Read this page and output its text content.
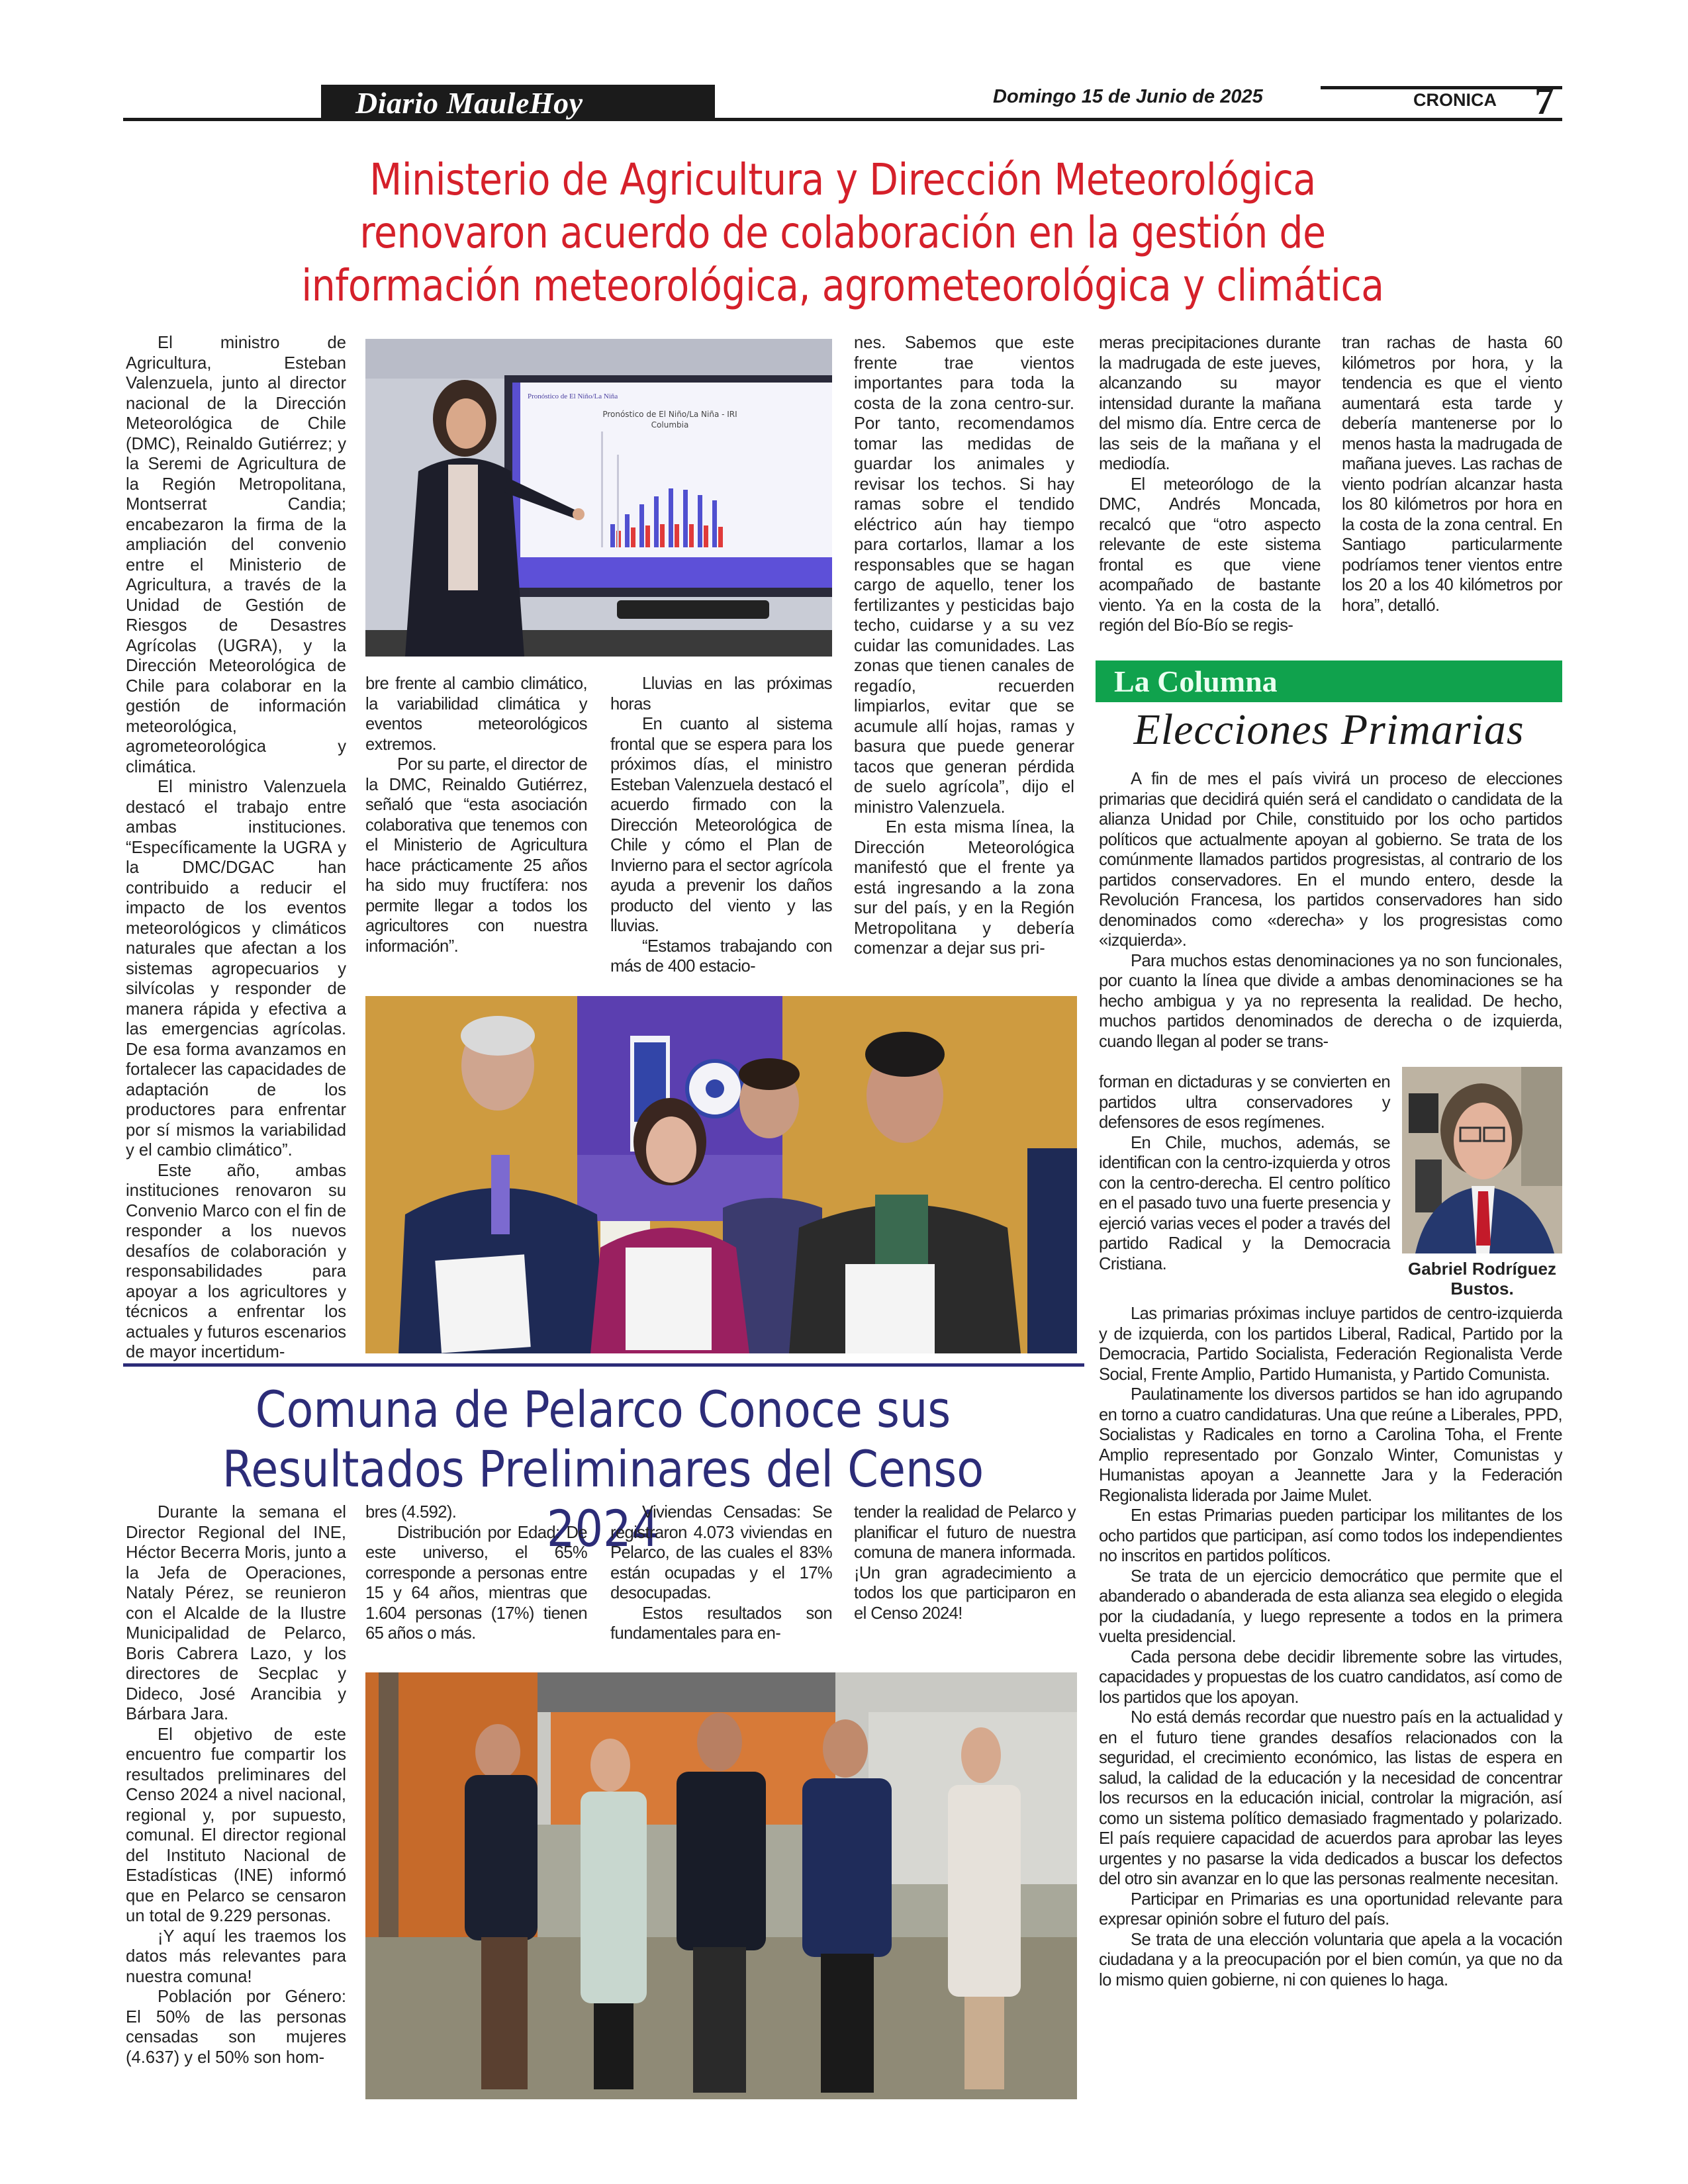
Diario MauleHoy	Domingo 15 de Junio de 2025	CRONICA 7
Ministerio de Agricultura y Dirección Meteorológica
renovaron acuerdo de colaboración en la gestión de
información meteorológica, agrometeorológica y climática

El ministro de Agricultura, Esteban Valenzuela, junto al director nacional de la Dirección Meteorológica de Chile (DMC), Reinaldo Gutiérrez; y la Seremi de Agricultura de la Región Metropolitana, Montserrat Candia; encabezaron la firma de la ampliación del convenio entre el Ministerio de Agricultura, a través de la Unidad de Gestión de Riesgos de Desastres Agrícolas (UGRA), y la Dirección Meteorológica de Chile para colaborar en la gestión de información meteorológica, agrometeorológica y climática.

El ministro Valenzuela destacó el trabajo entre ambas instituciones. “Específicamente la UGRA y la DMC/DGAC han contribuido a reducir el impacto de los eventos meteorológicos y climáticos naturales que afectan a los sistemas agropecuarios y silvícolas y responder de manera rápida y efectiva a las emergencias agrícolas. De esa forma avanzamos en fortalecer las capacidades de adaptación de los productores para enfrentar por sí mismos la variabilidad y el cambio climático”.

Este año, ambas instituciones renovaron su Convenio Marco con el fin de responder a los nuevos desafíos de colaboración y responsabilidades para apoyar a los agricultores y técnicos a enfrentar los actuales y futuros escenarios de mayor incertidum-

Pronóstico de El Niño/La Niña
Pronóstico de El Niño/La Niña - IRI
Columbia

bre frente al cambio climático, la variabilidad climática y eventos meteorológicos extremos.

Por su parte, el director de la DMC, Reinaldo Gutiérrez, señaló que “esta asociación colaborativa que tenemos con el Ministerio de Agricultura hace prácticamente 25 años ha sido muy fructífera: nos permite llegar a todos los agricultores con nuestra información”.

Lluvias en las próximas horas

En cuanto al sistema frontal que se espera para los próximos días, el ministro Esteban Valenzuela destacó el acuerdo firmado con la Dirección Meteorológica de Chile y cómo el Plan de Invierno para el sector agrícola ayuda a prevenir los daños producto del viento y las lluvias.

“Estamos trabajando con más de 400 estacio-

nes. Sabemos que este frente trae vientos importantes para toda la costa de la zona centro-sur. Por tanto, recomendamos tomar las medidas de guardar los animales y revisar los techos. Si hay ramas sobre el tendido eléctrico aún hay tiempo para cortarlos, llamar a los responsables que se hagan cargo de aquello, tener los fertilizantes y pesticidas bajo techo, cuidarse y a su vez cuidar las comunidades. Las zonas que tienen canales de regadío, recuerden limpiarlos, evitar que se acumule allí hojas, ramas y basura que puede generar tacos que generan pérdida de suelo agrícola”, dijo el ministro Valenzuela.

En esta misma línea, la Dirección Meteorológica manifestó que el frente ya está ingresando a la zona sur del país, y en la Región Metropolitana y debería comenzar a dejar sus pri-

meras precipitaciones durante la madrugada de este jueves, alcanzando su mayor intensidad durante la mañana del mismo día. Entre cerca de las seis de la mañana y el mediodía.

El meteorólogo de la DMC, Andrés Moncada, recalcó que “otro aspecto relevante de este sistema frontal es que viene acompañado de bastante viento. Ya en la costa de la región del Bío-Bío se regis-

tran rachas de hasta 60 kilómetros por hora, y la tendencia es que el viento aumentará esta tarde y debería mantenerse por lo menos hasta la madrugada de mañana jueves. Las rachas de viento podrían alcanzar hasta los 80 kilómetros por hora en la costa de la zona central. En Santiago particularmente podríamos tener vientos entre los 20 a los 40 kilómetros por hora”, detalló.

La Columna
Elecciones Primarias

A fin de mes el país vivirá un proceso de elecciones primarias que decidirá quién será el candidato o candidata de la alianza Unidad por Chile, constituido por los ocho partidos políticos que actualmente apoyan al gobierno. Se trata de los comúnmente llamados partidos progresistas, al contrario de los partidos conservadores. En el mundo entero, desde la Revolución Francesa, los partidos conservadores han sido denominados como «derecha» y los progresistas como «izquierda».

Para muchos estas denominaciones ya no son funcionales, por cuanto la línea que divide a ambas denominaciones se ha hecho ambigua y ya no representa la realidad. De hecho, muchos partidos denominados de derecha o de izquierda, cuando llegan al poder se trans-

forman en dictaduras y se convierten en partidos ultra conservadores y defensores de esos regímenes.

En Chile, muchos, además, se identifican con la centro-izquierda y otros con la centro-derecha. El centro político en el pasado tuvo una fuerte presencia y ejerció varias veces el poder a través del partido Radical y la Democracia Cristiana.	Gabriel Rodríguez
Bustos.

Las primarias próximas incluye partidos de centro-izquierda y de izquierda, con los partidos Liberal, Radical, Partido por la Democracia, Partido Socialista, Federación Regionalista Verde Social, Frente Amplio, Partido Humanista, y Partido Comunista.

Paulatinamente los diversos partidos se han ido agrupando en torno a cuatro candidaturas. Una que reúne a Liberales, PPD, Socialistas y Radicales en torno a Carolina Toha, el Frente Amplio representado por Gonzalo Winter, Comunistas y Humanistas apoyan a Jeannette Jara y la Federación Regionalista liderada por Jaime Mulet.

En estas Primarias pueden participar los militantes de los ocho partidos que participan, así como todos los independientes no inscritos en partidos políticos.

Se trata de un ejercicio democrático que permite que el abanderado o abanderada de esta alianza sea elegido o elegida por la ciudadanía, y luego represente a todos en la primera vuelta presidencial.

Cada persona debe decidir libremente sobre las virtudes, capacidades y propuestas de los cuatro candidatos, así como de los partidos que los apoyan.

No está demás recordar que nuestro país en la actualidad y en el futuro tiene grandes desafíos relacionados con la seguridad, el crecimiento económico, las listas de espera en salud, la calidad de la educación y la necesidad de concentrar los recursos en la educación inicial, controlar la migración, así como un sistema político demasiado fragmentado y polarizado. El país requiere capacidad de acuerdos para aprobar las leyes urgentes y no pasarse la vida dedicados a buscar los defectos del otro sin avanzar en lo que las personas realmente necesitan.

Participar en Primarias es una oportunidad relevante para expresar opinión sobre el futuro del país.

Se trata de una elección voluntaria que apela a la vocación ciudadana y a la preocupación por el bien común, ya que no da lo mismo quien gobierne, ni con quienes lo haga.

Comuna de Pelarco Conoce sus
Resultados Preliminares del Censo 2024

Durante la semana el Director Regional del INE, Héctor Becerra Moris, junto a la Jefa de Operaciones, Nataly Pérez, se reunieron con el Alcalde de la Ilustre Municipalidad de Pelarco, Boris Cabrera Lazo, y los directores de Secplac y Dideco, José Arancibia y Bárbara Jara.

El objetivo de este encuentro fue compartir los resultados preliminares del Censo 2024 a nivel nacional, regional y, por supuesto, comunal. El director regional del Instituto Nacional de Estadísticas (INE) informó que en Pelarco se censaron un total de 9.229 personas.

¡Y aquí les traemos los datos más relevantes para nuestra comuna!

Población por Género: El 50% de las personas censadas son mujeres (4.637) y el 50% son hom-

bres (4.592).

Distribución por Edad: De este universo, el 65% corresponde a personas entre 15 y 64 años, mientras que 1.604 personas (17%) tienen 65 años o más.

Viviendas Censadas: Se registraron 4.073 viviendas en Pelarco, de las cuales el 83% están ocupadas y el 17% desocupadas.

Estos resultados son fundamentales para en-

tender la realidad de Pelarco y planificar el futuro de nuestra comuna de manera informada. ¡Un gran agradecimiento a todos los que participaron en el Censo 2024!
